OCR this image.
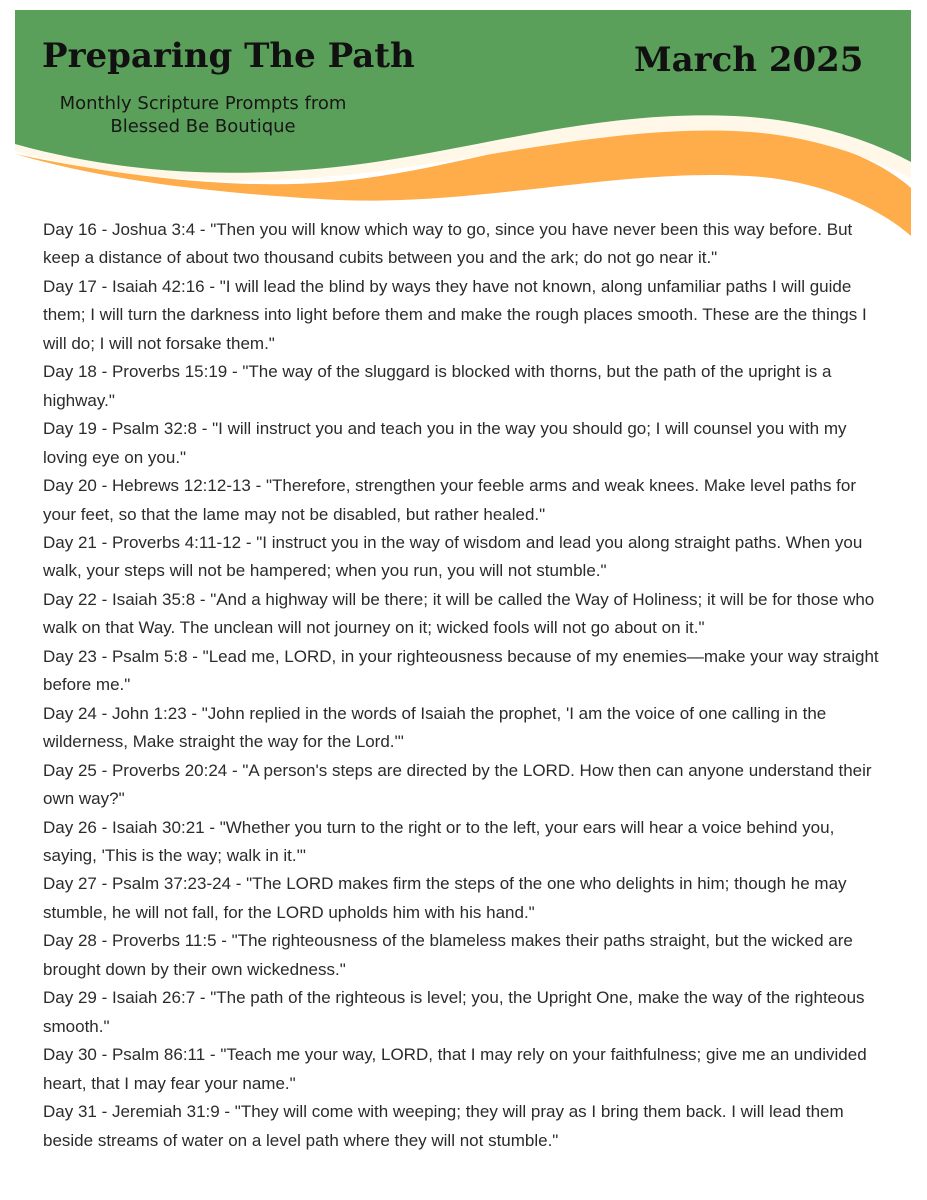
Preparing The Path	March 2025
Monthly Scripture Prompts from
Blessed Be Boutique
Day 16 - Joshua 3:4 - "Then you will know which way to go, since you have never been this way before. But keep a distance of about two thousand cubits between you and the ark; do not go near it."
Day 17 - Isaiah 42:16 - "I will lead the blind by ways they have not known, along unfamiliar paths I will guide them; I will turn the darkness into light before them and make the rough places smooth. These are the things I will do; I will not forsake them."
Day 18 - Proverbs 15:19 - "The way of the sluggard is blocked with thorns, but the path of the upright is a highway."
Day 19 - Psalm 32:8 - "I will instruct you and teach you in the way you should go; I will counsel you with my loving eye on you."
Day 20 - Hebrews 12:12-13 - "Therefore, strengthen your feeble arms and weak knees. Make level paths for your feet, so that the lame may not be disabled, but rather healed."
Day 21 - Proverbs 4:11-12 - "I instruct you in the way of wisdom and lead you along straight paths. When you walk, your steps will not be hampered; when you run, you will not stumble."
Day 22 - Isaiah 35:8 - "And a highway will be there; it will be called the Way of Holiness; it will be for those who walk on that Way. The unclean will not journey on it; wicked fools will not go about on it."
Day 23 - Psalm 5:8 - "Lead me, LORD, in your righteousness because of my enemies—make your way straight before me."
Day 24 - John 1:23 - "John replied in the words of Isaiah the prophet, 'I am the voice of one calling in the wilderness, Make straight the way for the Lord.'"
Day 25 - Proverbs 20:24 - "A person's steps are directed by the LORD. How then can anyone understand their own way?"
Day 26 - Isaiah 30:21 - "Whether you turn to the right or to the left, your ears will hear a voice behind you, saying, 'This is the way; walk in it.'"
Day 27 - Psalm 37:23-24 - "The LORD makes firm the steps of the one who delights in him; though he may stumble, he will not fall, for the LORD upholds him with his hand."
Day 28 - Proverbs 11:5 - "The righteousness of the blameless makes their paths straight, but the wicked are brought down by their own wickedness."
Day 29 - Isaiah 26:7 - "The path of the righteous is level; you, the Upright One, make the way of the righteous smooth."
Day 30 - Psalm 86:11 - "Teach me your way, LORD, that I may rely on your faithfulness; give me an undivided heart, that I may fear your name."
Day 31 - Jeremiah 31:9 - "They will come with weeping; they will pray as I bring them back. I will lead them beside streams of water on a level path where they will not stumble."
